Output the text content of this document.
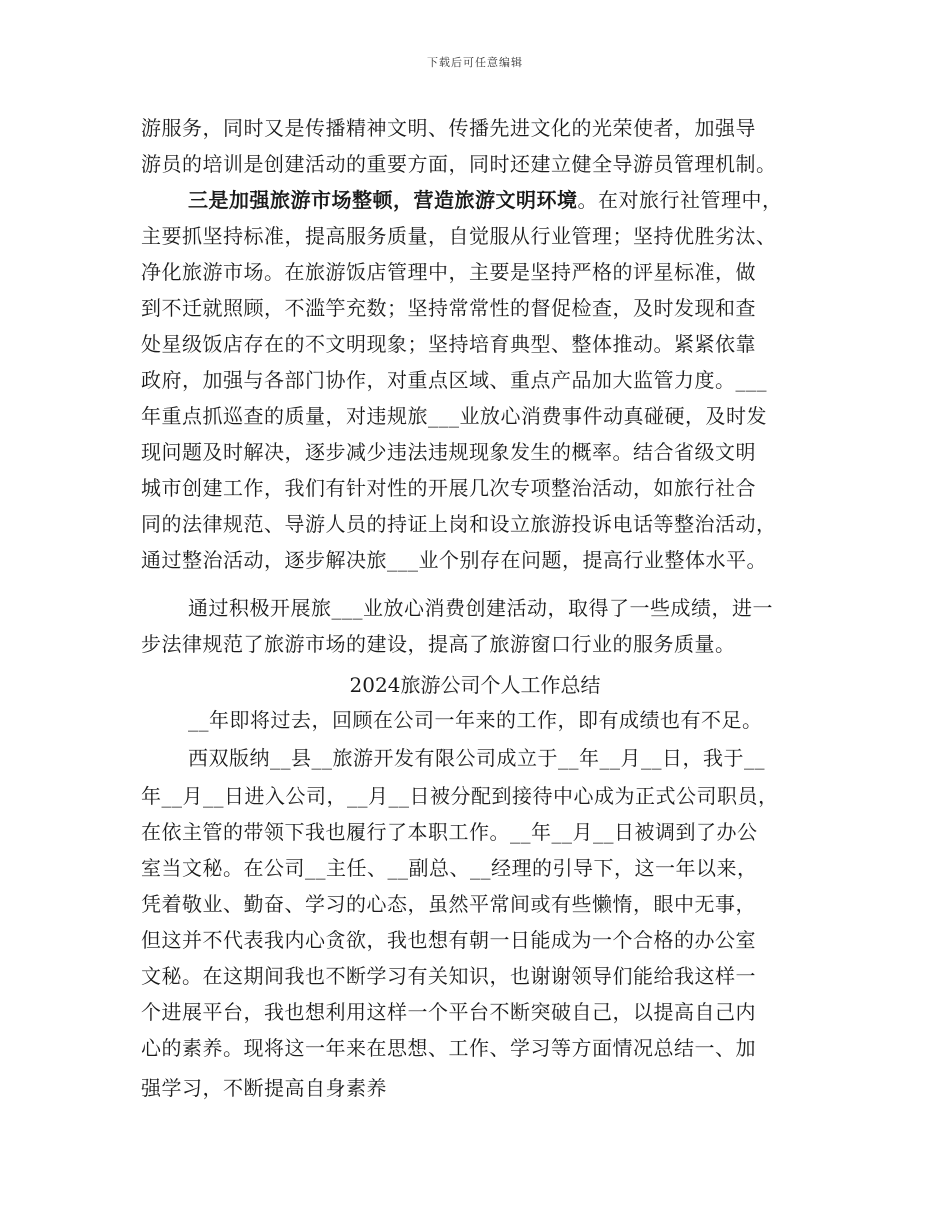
下载后可任意编辑
游服务，同时又是传播精神文明、传播先进文化的光荣使者，加强导
游员的培训是创建活动的重要方面，同时还建立健全导游员管理机制。
三是加强旅游市场整顿，营造旅游文明环境。在对旅行社管理中，
主要抓坚持标准，提高服务质量，自觉服从行业管理；坚持优胜劣汰、
净化旅游市场。在旅游饭店管理中，主要是坚持严格的评星标准，做
到不迁就照顾，不滥竽充数；坚持常常性的督促检查，及时发现和查
处星级饭店存在的不文明现象；坚持培育典型、整体推动。紧紧依靠
政府，加强与各部门协作，对重点区域、重点产品加大监管力度。___
年重点抓巡查的质量，对违规旅___业放心消费事件动真碰硬，及时发
现问题及时解决，逐步减少违法违规现象发生的概率。结合省级文明
城市创建工作，我们有针对性的开展几次专项整治活动，如旅行社合
同的法律规范、导游人员的持证上岗和设立旅游投诉电话等整治活动，
通过整治活动，逐步解决旅___业个别存在问题，提高行业整体水平。
通过积极开展旅___业放心消费创建活动，取得了一些成绩，进一
步法律规范了旅游市场的建设，提高了旅游窗口行业的服务质量。
2024旅游公司个人工作总结
__年即将过去，回顾在公司一年来的工作，即有成绩也有不足。
西双版纳__县__旅游开发有限公司成立于__年__月__日，我于__
年__月__日进入公司，__月__日被分配到接待中心成为正式公司职员，
在依主管的带领下我也履行了本职工作。__年__月__日被调到了办公
室当文秘。在公司__主任、__副总、__经理的引导下，这一年以来，
凭着敬业、勤奋、学习的心态，虽然平常间或有些懒惰，眼中无事，
但这并不代表我内心贪欲，我也想有朝一日能成为一个合格的办公室
文秘。在这期间我也不断学习有关知识，也谢谢领导们能给我这样一
个进展平台，我也想利用这样一个平台不断突破自己，以提高自己内
心的素养。现将这一年来在思想、工作、学习等方面情况总结一、加
强学习，不断提高自身素养
